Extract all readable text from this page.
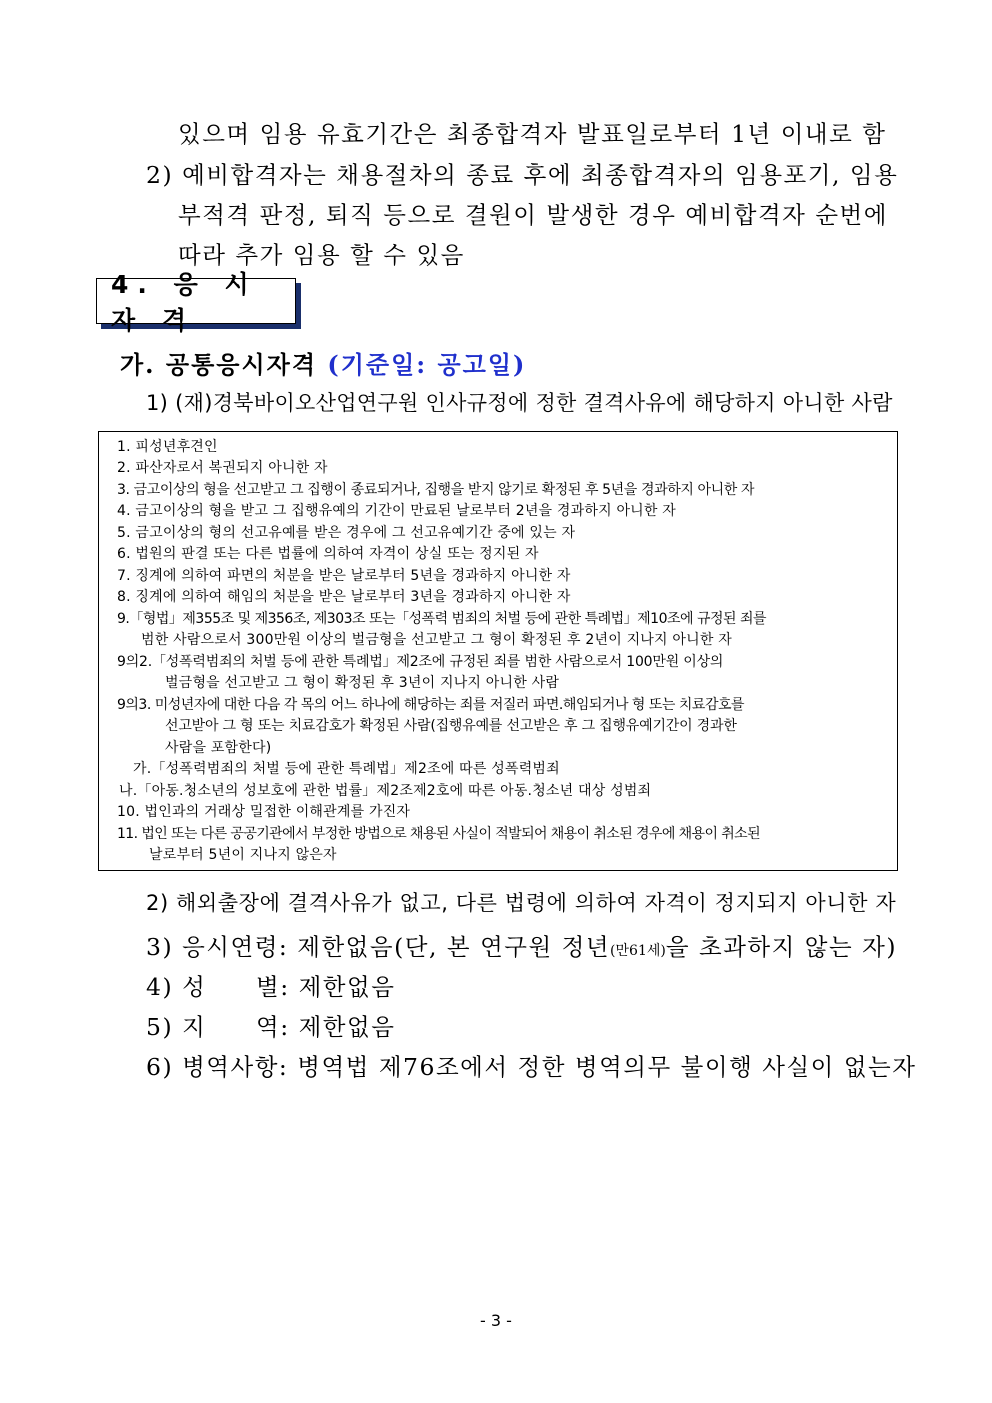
있으며 임용 유효기간은 최종합격자 발표일로부터 1년 이내로 함
2) 예비합격자는 채용절차의 종료 후에 최종합격자의 임용포기, 임용
부적격 판정, 퇴직 등으로 결원이 발생한 경우 예비합격자 순번에
따라 추가 임용 할 수 있음
4. 응 시 자 격
가. 공통응시자격 (기준일: 공고일)
1) (재)경북바이오산업연구원 인사규정에 정한 결격사유에 해당하지 아니한 사람
1. 피성년후견인
2. 파산자로서 복권되지 아니한 자
3. 금고이상의 형을 선고받고 그 집행이 종료되거나, 집행을 받지 않기로 확정된 후 5년을 경과하지 아니한 자
4. 금고이상의 형을 받고 그 집행유예의 기간이 만료된 날로부터 2년을 경과하지 아니한 자
5. 금고이상의 형의 선고유예를 받은 경우에 그 선고유예기간 중에 있는 자
6. 법원의 판결 또는 다른 법률에 의하여 자격이 상실 또는 정지된 자
7. 징계에 의하여 파면의 처분을 받은 날로부터 5년을 경과하지 아니한 자
8. 징계에 의하여 해임의 처분을 받은 날로부터 3년을 경과하지 아니한 자
9.「형법」제355조 및 제356조, 제303조 또는「성폭력 범죄의 처벌 등에 관한 특례법」제10조에 규정된 죄를
범한 사람으로서 300만원 이상의 벌금형을 선고받고 그 형이 확정된 후 2년이 지나지 아니한 자
9의2.「성폭력범죄의 처벌 등에 관한 특례법」제2조에 규정된 죄를 범한 사람으로서 100만원 이상의
벌금형을 선고받고 그 형이 확정된 후 3년이 지나지 아니한 사람
9의3. 미성년자에 대한 다음 각 목의 어느 하나에 해당하는 죄를 저질러 파면.해임되거나 형 또는 치료감호를
선고받아 그 형 또는 치료감호가 확정된 사람(집행유예를 선고받은 후 그 집행유예기간이 경과한
사람을 포함한다)
가.「성폭력범죄의 처벌 등에 관한 특례법」제2조에 따른 성폭력범죄
나.「아동.청소년의 성보호에 관한 법률」제2조제2호에 따른 아동.청소년 대상 성범죄
10. 법인과의 거래상 밀접한 이해관계를 가진자
11. 법인 또는 다른 공공기관에서 부정한 방법으로 채용된 사실이 적발되어 채용이 취소된 경우에 채용이 취소된
날로부터 5년이 지나지 않은자
2) 해외출장에 결격사유가 없고, 다른 법령에 의하여 자격이 정지되지 아니한 자
3) 응시연령: 제한없음(단, 본 연구원 정년(만61세)을 초과하지 않는 자)
4) 성 별: 제한없음
5) 지 역: 제한없음
6) 병역사항: 병역법 제76조에서 정한 병역의무 불이행 사실이 없는자
- 3 -
